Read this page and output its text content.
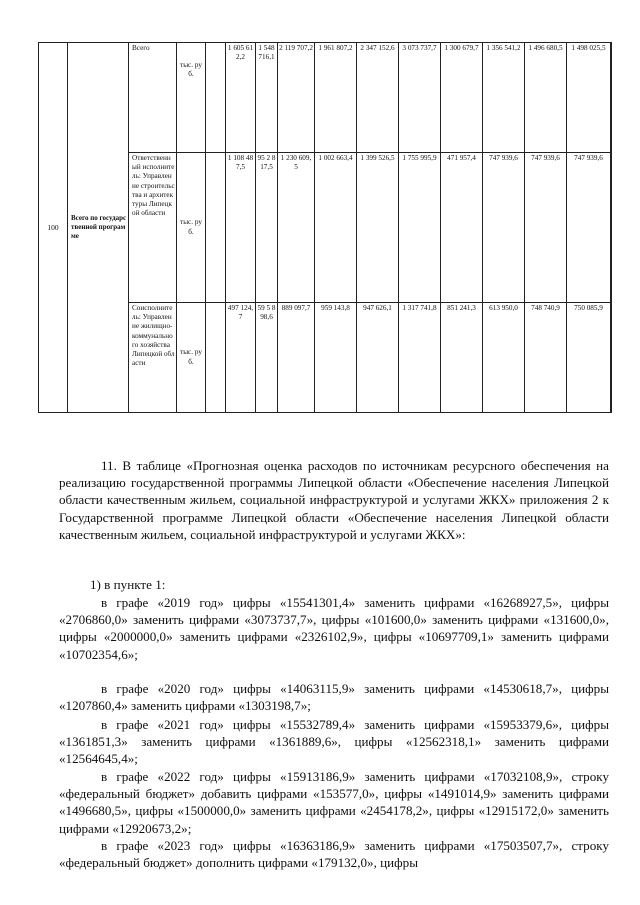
100	Всего по государственной программе	Всего	тыс. руб.		1 605 612,2	1 548 716,1	2 119 707,2	1 961 807,2	2 347 152,6	3 073 737,7	1 300 679,7	1 356 541,2	1 496 680,5	1 498 025,5	
		Ответственный исполнитель: Управление строительства и архитектуры Липецкой области	тыс. руб.		1 108 487,5	95 2 817,5	1 230 609,5	1 002 663,4	1 399 526,5	1 755 995,9	471 957,4	747 939,6	747 939,6	747 939,6	
		Соисполнитель: Управление жилищно-коммунального хозяйства Липецкой области	тыс. руб.		497 124,7	59 5 898,6	889 097,7	959 143,8	947 626,1	1 317 741,8	851 241,3	613 950,0	748 740,9	750 085,9	

11. В таблице «Прогнозная оценка расходов по источникам ресурсного обеспечения на реализацию государственной программы Липецкой области «Обеспечение населения Липецкой области качественным жильем, социальной инфраструктурой и услугами ЖКХ» приложения 2 к Государственной программе Липецкой области «Обеспечение населения Липецкой области качественным жильем, социальной инфраструктурой и услугами ЖКХ»:

1) в пункте 1:

в графе «2019 год» цифры «15541301,4» заменить цифрами «16268927,5», цифры «2706860,0» заменить цифрами «3073737,7», цифры «101600,0» заменить цифрами «131600,0», цифры «2000000,0» заменить цифрами «2326102,9», цифры «10697709,1» заменить цифрами «10702354,6»;

в графе «2020 год» цифры «14063115,9» заменить цифрами «14530618,7», цифры «1207860,4» заменить цифрами «1303198,7»;

в графе «2021 год» цифры «15532789,4» заменить цифрами «15953379,6», цифры «1361851,3» заменить цифрами «1361889,6», цифры «12562318,1» заменить цифрами «12564645,4»;

в графе «2022 год» цифры «15913186,9» заменить цифрами «17032108,9», строку «федеральный бюджет» добавить цифрами «153577,0», цифры «1491014,9» заменить цифрами «1496680,5», цифры «1500000,0» заменить цифрами «2454178,2», цифры «12915172,0» заменить цифрами «12920673,2»;

в графе «2023 год» цифры «16363186,9» заменить цифрами «17503507,7», строку «федеральный бюджет» дополнить цифрами «179132,0», цифры
